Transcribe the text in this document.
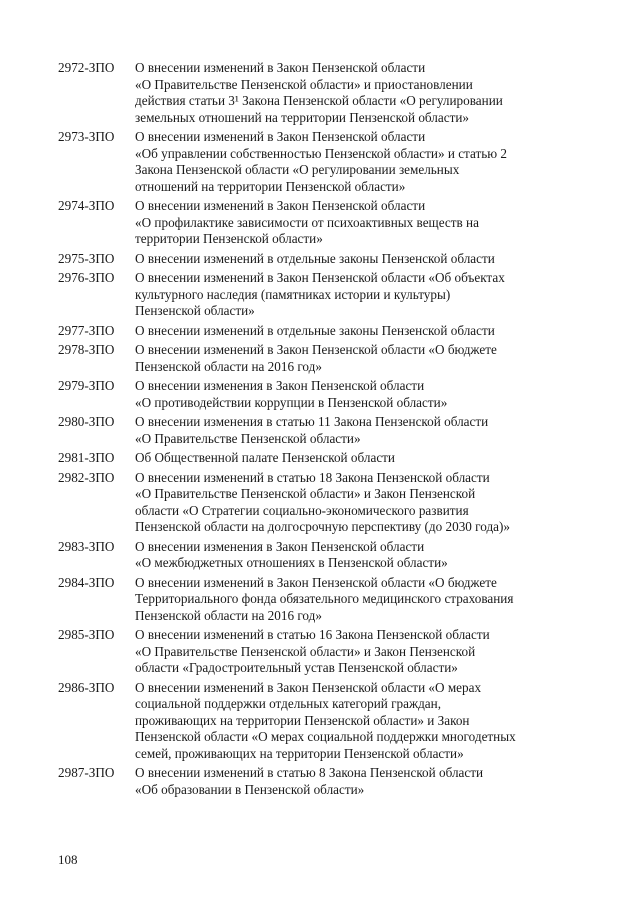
2972-ЗПО	О внесении изменений в Закон Пензенской области
«О Правительстве Пензенской области» и приостановлении
действия статьи 3¹ Закона Пензенской области «О регулировании
земельных отношений на территории Пензенской области»
2973-ЗПО	О внесении изменений в Закон Пензенской области
«Об управлении собственностью Пензенской области» и статью 2
Закона Пензенской области «О регулировании земельных
отношений на территории Пензенской области»
2974-ЗПО	О внесении изменений в Закон Пензенской области
«О профилактике зависимости от психоактивных веществ на
территории Пензенской области»
2975-ЗПО	О внесении изменений в отдельные законы Пензенской области
2976-ЗПО	О внесении изменений в Закон Пензенской области «Об объектах
культурного наследия (памятниках истории и культуры)
Пензенской области»
2977-ЗПО	О внесении изменений в отдельные законы Пензенской области
2978-ЗПО	О внесении изменений в Закон Пензенской области «О бюджете
Пензенской области на 2016 год»
2979-ЗПО	О внесении изменения в Закон Пензенской области
«О противодействии коррупции в Пензенской области»
2980-ЗПО	О внесении изменения в статью 11 Закона Пензенской области
«О Правительстве Пензенской области»
2981-ЗПО	Об Общественной палате Пензенской области
2982-ЗПО	О внесении изменений в статью 18 Закона Пензенской области
«О Правительстве Пензенской области» и Закон Пензенской
области «О Стратегии социально-экономического развития
Пензенской области на долгосрочную перспективу (до 2030 года)»
2983-ЗПО	О внесении изменения в Закон Пензенской области
«О межбюджетных отношениях в Пензенской области»
2984-ЗПО	О внесении изменений в Закон Пензенской области «О бюджете
Территориального фонда обязательного медицинского страхования
Пензенской области на 2016 год»
2985-ЗПО	О внесении изменений в статью 16 Закона Пензенской области
«О Правительстве Пензенской области» и Закон Пензенской
области «Градостроительный устав Пензенской области»
2986-ЗПО	О внесении изменений в Закон Пензенской области «О мерах
социальной поддержки отдельных категорий граждан,
проживающих на территории Пензенской области» и Закон
Пензенской области «О мерах социальной поддержки многодетных
семей, проживающих на территории Пензенской области»
2987-ЗПО	О внесении изменений в статью 8 Закона Пензенской области
«Об образовании в Пензенской области»
108
